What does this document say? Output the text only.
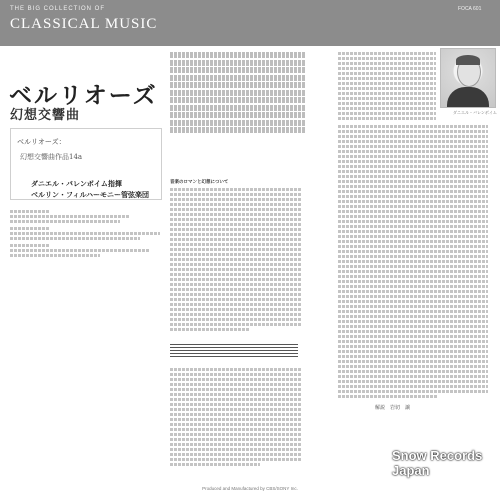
THE BIG COLLECTION OF
CLASSICAL MUSIC
FOCA 601
ベルリオーズ
幻想交響曲	ダニエル・バレンボイム
ベルリオーズ：
幻想交響曲作品14a
ダニエル・バレンボイム指揮
ベルリン・フィルハーモニー管弦楽団
音楽のロマンと幻想について
解説　岩切　譲
Snow Records Japan
Produced and Manufactured by CBS/SONY Inc.
